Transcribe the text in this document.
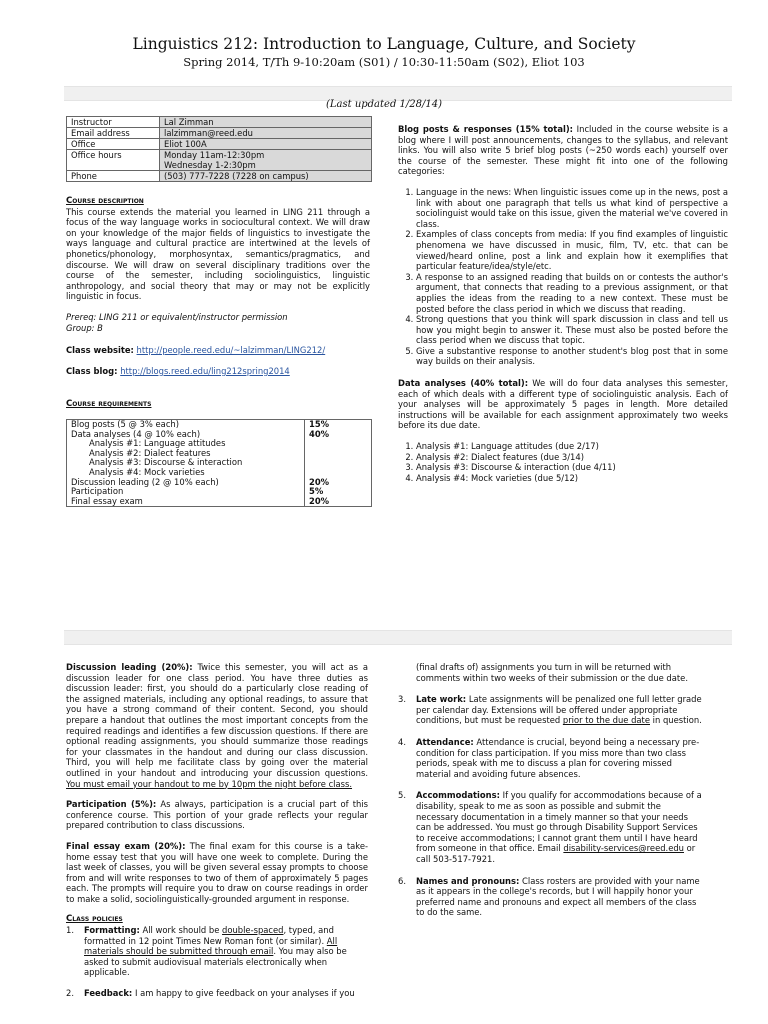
Linguistics 212: Introduction to Language, Culture, and Society
Spring 2014, T/Th 9-10:20am (S01) / 10:30-11:50am (S02), Eliot 103
(Last updated 1/28/14)
Instructor	Lal Zimman
Email address	lalzimman@reed.edu
Office	Eliot 100A
Office hours	Monday 11am-12:30pm
Wednesday 1-2:30pm

Phone	(503) 777-7228 (7228 on campus)
Course description

This course extends the material you learned in LING 211 through a focus of the way language works in sociocultural context. We will draw on your knowledge of the major fields of linguistics to investigate the ways language and cultural practice are intertwined at the levels of phonetics/phonology, morphosyntax, semantics/pragmatics, and discourse. We will draw on several disciplinary traditions over the course of the semester, including sociolinguistics, linguistic anthropology, and social theory that may or may not be explicitly linguistic in focus.

Prereq: LING 211 or equivalent/instructor permission
Group: B
Class website: http://people.reed.edu/~lalzimman/LING212/
Class blog: http://blogs.reed.edu/ling212spring2014
Course requirements
Blog posts (5 @ 3% each)	15%
Data analyses (4 @ 10% each)	40%
Analysis #1: Language attitudes	
Analysis #2: Dialect features	
Analysis #3: Discourse & interaction	
Analysis #4: Mock varieties	
Discussion leading (2 @ 10% each)	20%
Participation	5%
Final essay exam	20%

Blog posts & responses (15% total): Included in the course website is a blog where I will post announcements, changes to the syllabus, and relevant links. You will also write 5 brief blog posts (~250 words each) yourself over the course of the semester. These might fit into one of the following categories:

1. Language in the news: When linguistic issues come up in the news, post a link with about one paragraph that tells us what kind of perspective a sociolinguist would take on this issue, given the material we've covered in class.
2. Examples of class concepts from media: If you find examples of linguistic phenomena we have discussed in music, film, TV, etc. that can be viewed/heard online, post a link and explain how it exemplifies that particular feature/idea/style/etc.
3. A response to an assigned reading that builds on or contests the author's argument, that connects that reading to a previous assignment, or that applies the ideas from the reading to a new context. These must be posted before the class period in which we discuss that reading.
4. Strong questions that you think will spark discussion in class and tell us how you might begin to answer it. These must also be posted before the class period when we discuss that topic.
5. Give a substantive response to another student's blog post that in some way builds on their analysis.

Data analyses (40% total): We will do four data analyses this semester, each of which deals with a different type of sociolinguistic analysis. Each of your analyses will be approximately 5 pages in length. More detailed instructions will be available for each assignment approximately two weeks before its due date.

1. Analysis #1: Language attitudes (due 2/17)
2. Analysis #2: Dialect features (due 3/14)
3. Analysis #3: Discourse & interaction (due 4/11)
4. Analysis #4: Mock varieties (due 5/12)

Discussion leading (20%): Twice this semester, you will act as a discussion leader for one class period. You have three duties as discussion leader: first, you should do a particularly close reading of the assigned materials, including any optional readings, to assure that you have a strong command of their content. Second, you should prepare a handout that outlines the most important concepts from the required readings and identifies a few discussion questions. If there are optional reading assignments, you should summarize those readings for your classmates in the handout and during our class discussion. Third, you will help me facilitate class by going over the material outlined in your handout and introducing your discussion questions. You must email your handout to me by 10pm the night before class.

Participation (5%): As always, participation is a crucial part of this conference course. This portion of your grade reflects your regular prepared contribution to class discussions.

Final essay exam (20%): The final exam for this course is a take-home essay test that you will have one week to complete. During the last week of classes, you will be given several essay prompts to choose from and will write responses to two of them of approximately 5 pages each. The prompts will require you to draw on course readings in order to make a solid, sociolinguistically-grounded argument in response.

Class policies
1.	Formatting: All work should be double-spaced, typed, and formatted in 12 point Times New Roman font (or similar). All materials should be submitted through email. You may also be asked to submit audiovisual materials electronically when applicable.
2.	Feedback: I am happy to give feedback on your analyses if you
(final drafts of) assignments you turn in will be returned with comments within two weeks of their submission or the due date.
3.	Late work: Late assignments will be penalized one full letter grade per calendar day. Extensions will be offered under appropriate conditions, but must be requested prior to the due date in question.
4.	Attendance: Attendance is crucial, beyond being a necessary pre-condition for class participation. If you miss more than two class periods, speak with me to discuss a plan for covering missed material and avoiding future absences.
5.	Accommodations: If you qualify for accommodations because of a disability, speak to me as soon as possible and submit the necessary documentation in a timely manner so that your needs can be addressed. You must go through Disability Support Services to receive accommodations; I cannot grant them until I have heard from someone in that office. Email disability-services@reed.edu or call 503-517-7921.
6.	Names and pronouns: Class rosters are provided with your name as it appears in the college's records, but I will happily honor your preferred name and pronouns and expect all members of the class to do the same.
